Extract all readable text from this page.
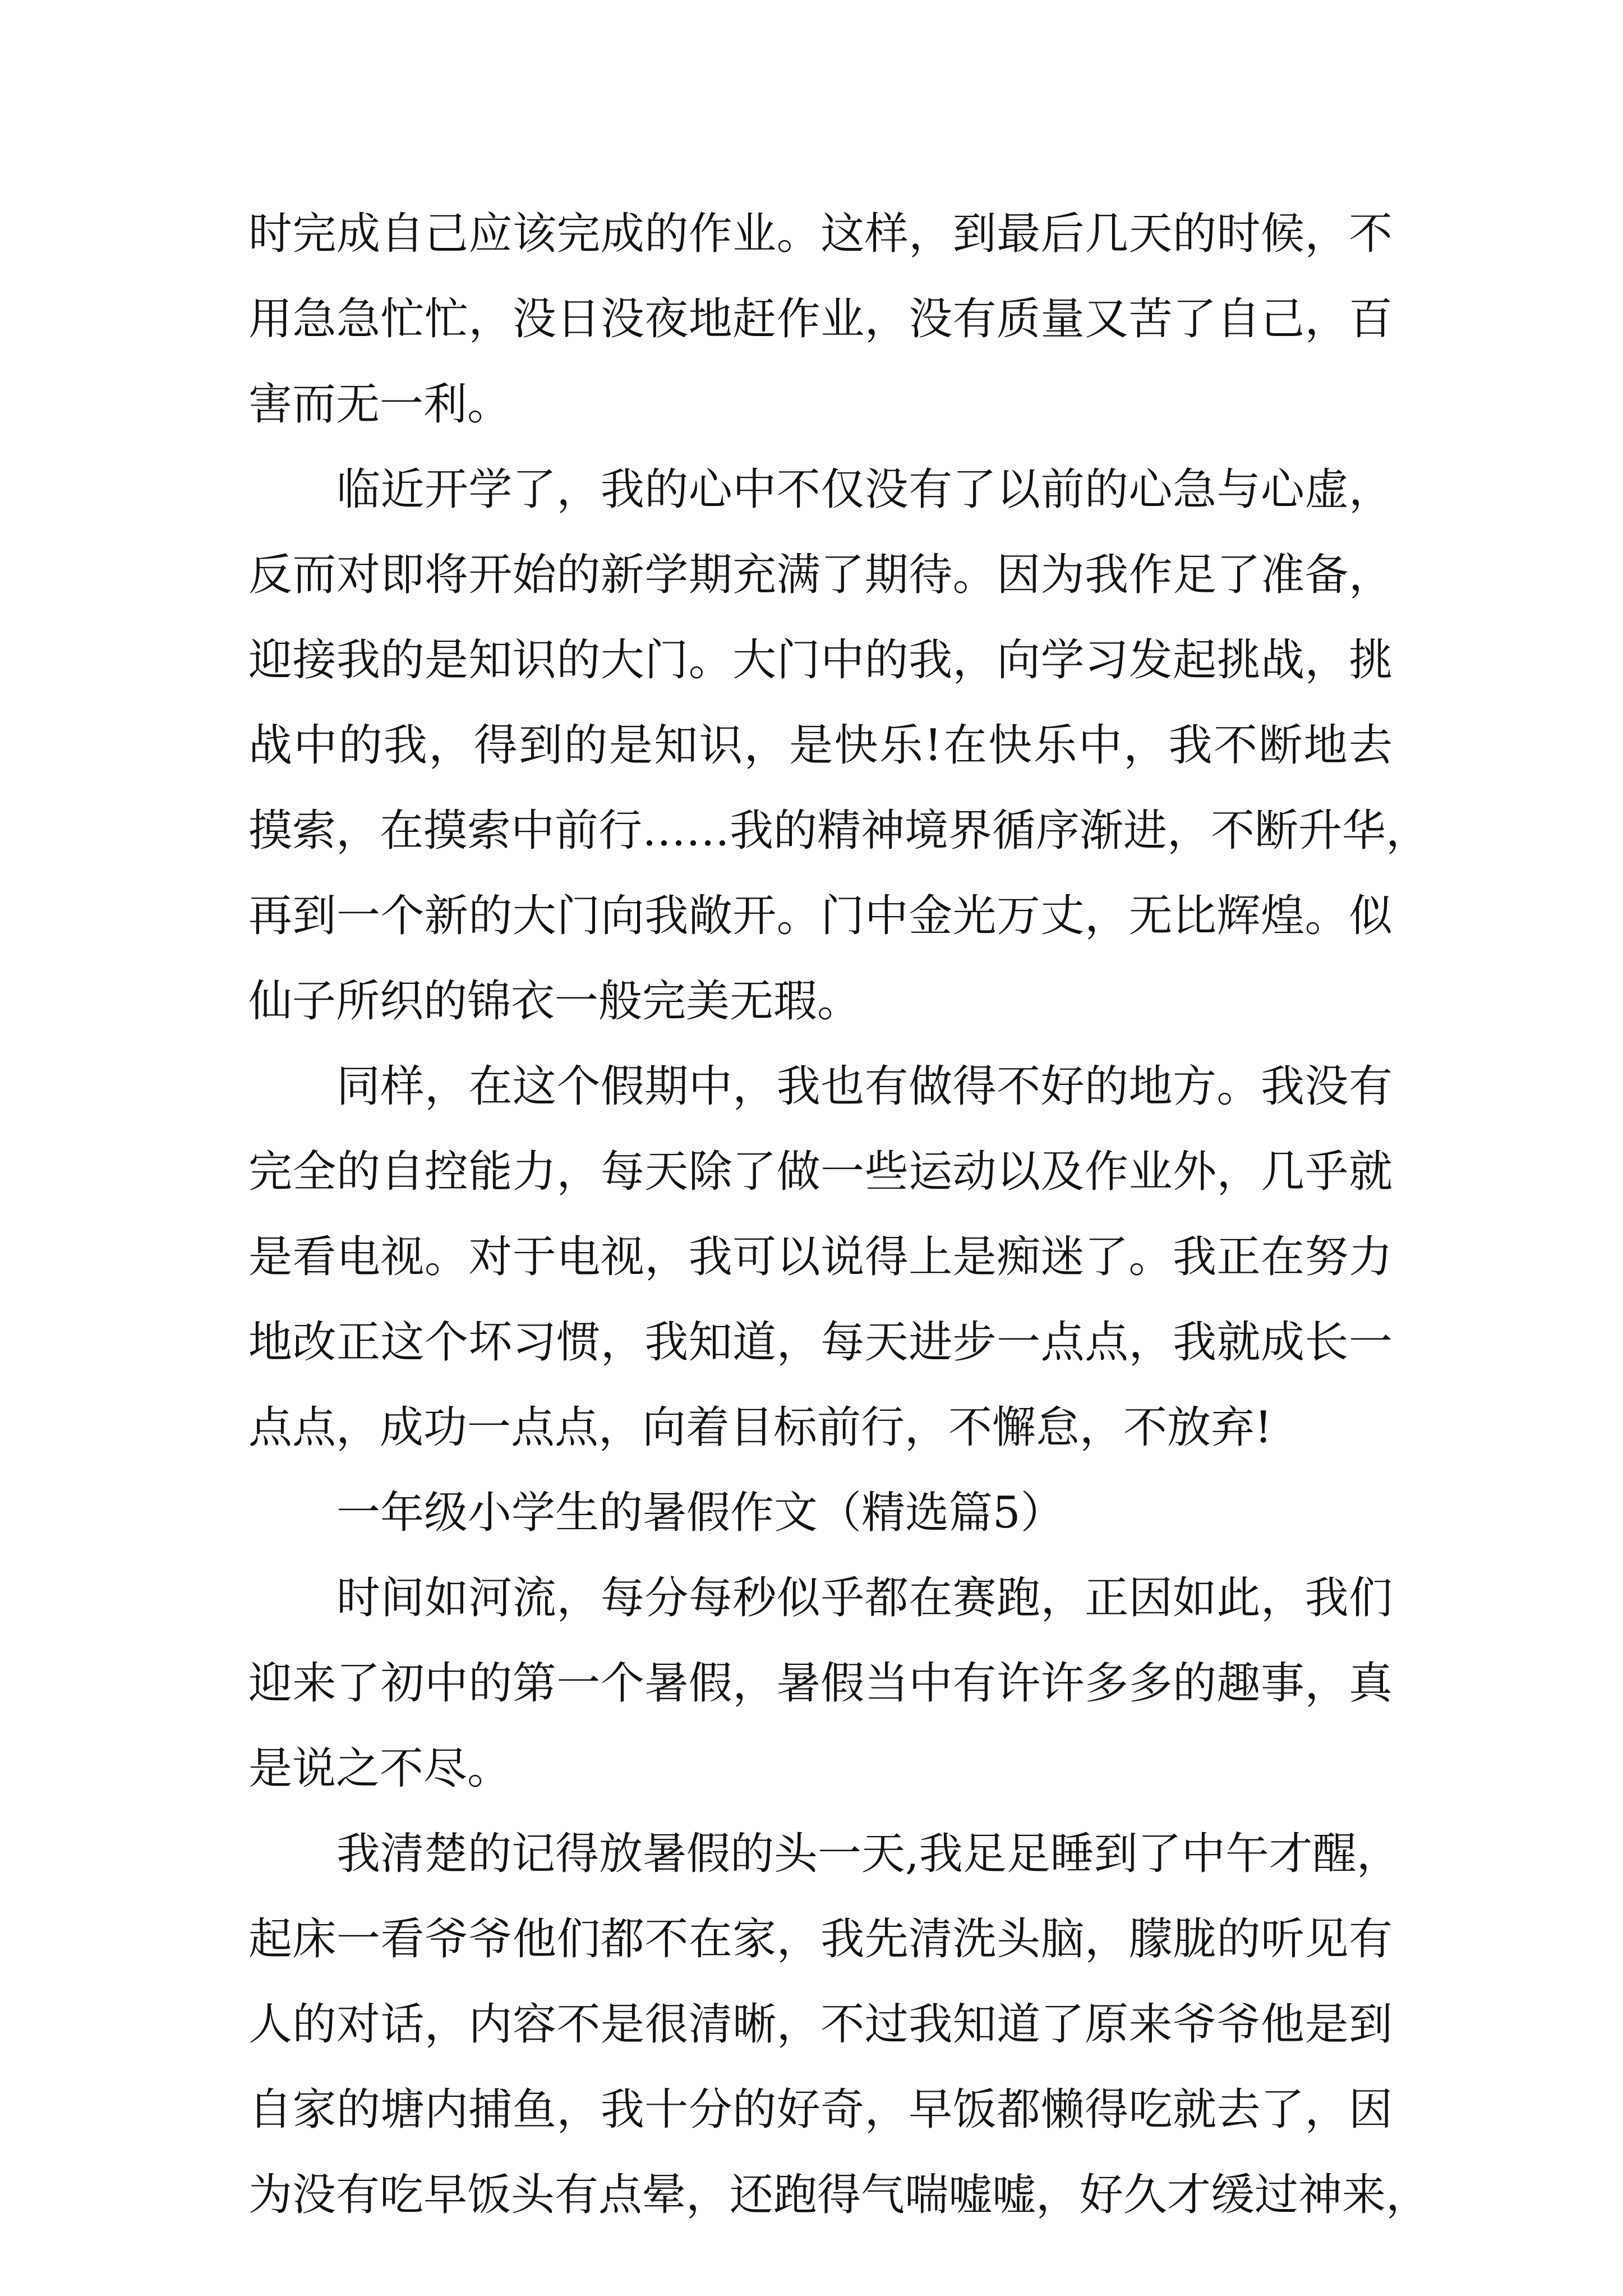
时完成自己应该完成的作业。这样，到最后几天的时候，不
用急急忙忙，没日没夜地赶作业，没有质量又苦了自己，百
害而无一利。
临近开学了，我的心中不仅没有了以前的心急与心虚，
反而对即将开始的新学期充满了期待。因为我作足了准备，
迎接我的是知识的大门。大门中的我，向学习发起挑战，挑
战中的我，得到的是知识，是快乐!在快乐中，我不断地去
摸索，在摸索中前行……我的精神境界循序渐进，不断升华，
再到一个新的大门向我敞开。门中金光万丈，无比辉煌。似
仙子所织的锦衣一般完美无瑕。
同样，在这个假期中，我也有做得不好的地方。我没有
完全的自控能力，每天除了做一些运动以及作业外，几乎就
是看电视。对于电视，我可以说得上是痴迷了。我正在努力
地改正这个坏习惯，我知道，每天进步一点点，我就成长一
点点，成功一点点，向着目标前行，不懈怠，不放弃!
一年级小学生的暑假作文（精选篇5）
时间如河流，每分每秒似乎都在赛跑，正因如此，我们
迎来了初中的第一个暑假，暑假当中有许许多多的趣事，真
是说之不尽。
我清楚的记得放暑假的头一天,我足足睡到了中午才醒，
起床一看爷爷他们都不在家，我先清洗头脑，朦胧的听见有
人的对话，内容不是很清晰，不过我知道了原来爷爷他是到
自家的塘内捕鱼，我十分的好奇，早饭都懒得吃就去了，因
为没有吃早饭头有点晕，还跑得气喘嘘嘘，好久才缓过神来，
